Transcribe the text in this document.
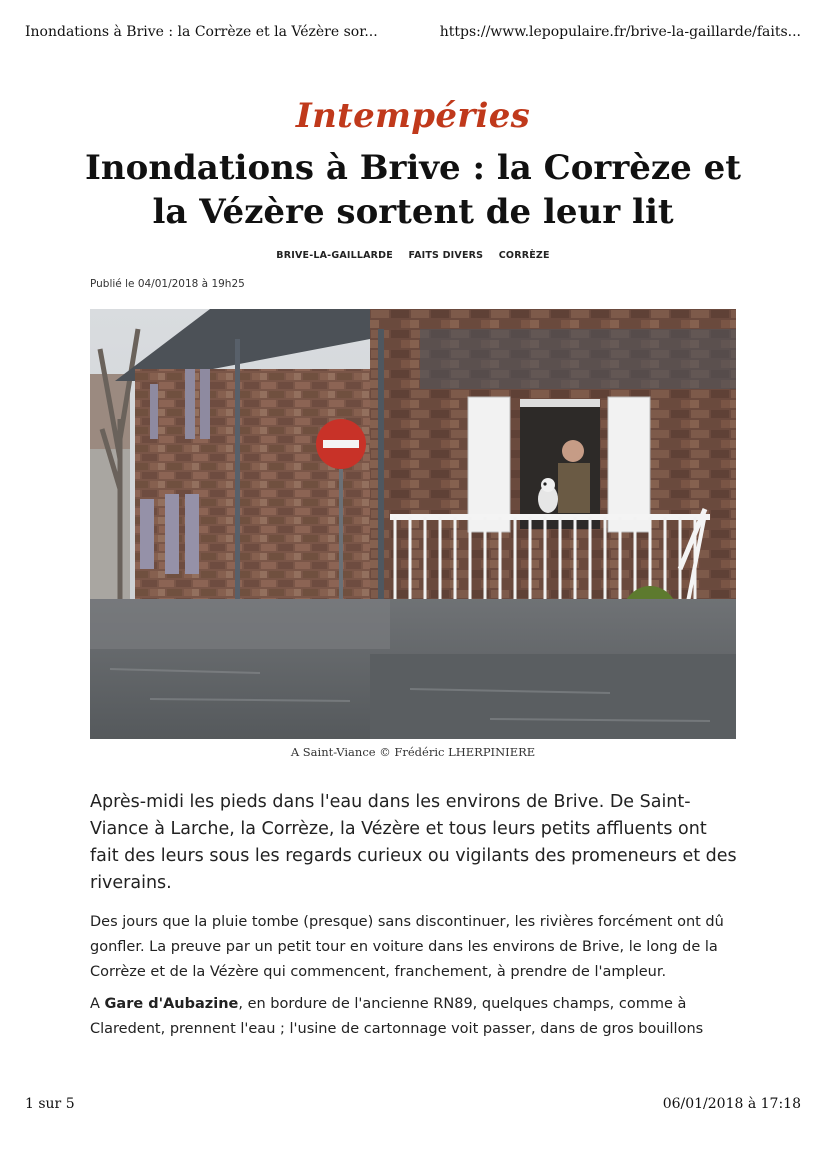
Inondations à Brive : la Corrèze et la Vézère sor...	https://www.lepopulaire.fr/brive-la-gaillarde/faits...
Intempéries
Inondations à Brive : la Corrèze et la Vézère sortent de leur lit
BRIVE-LA-GAILLARDE FAITS DIVERS CORRÈZE
Publié le 04/01/2018 à 19h25
A Saint-Viance © Frédéric LHERPINIERE

Après-midi les pieds dans l'eau dans les environs de Brive. De Saint-Viance à Larche, la Corrèze, la Vézère et tous leurs petits affluents ont fait des leurs sous les regards curieux ou vigilants des promeneurs et des riverains.

Des jours que la pluie tombe (presque) sans discontinuer, les rivières forcément ont dû gonfler. La preuve par un petit tour en voiture dans les environs de Brive, le long de la Corrèze et de la Vézère qui commencent, franchement, à prendre de l'ampleur.

A Gare d'Aubazine, en bordure de l'ancienne RN89, quelques champs, comme à Claredent, prennent l'eau ; l'usine de cartonnage voit passer, dans de gros bouillons

1 sur 5	06/01/2018 à 17:18
